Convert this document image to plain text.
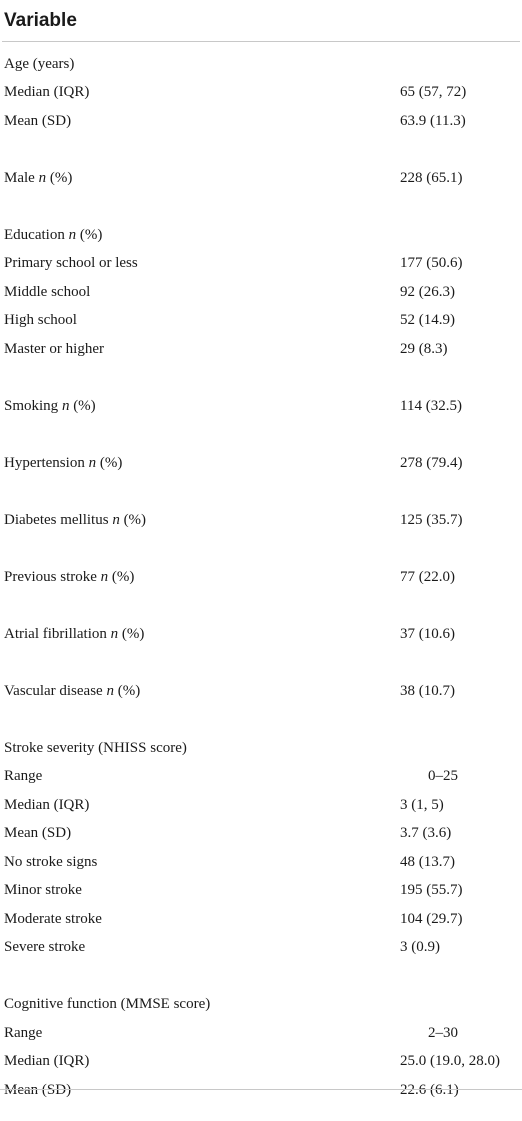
Variable
Age (years)
Median (IQR)	65 (57, 72)
Mean (SD)	63.9 (11.3)
Male n (%)	228 (65.1)
Education n (%)
Primary school or less	177 (50.6)
Middle school	92 (26.3)
High school	52 (14.9)
Master or higher	29 (8.3)
Smoking n (%)	114 (32.5)
Hypertension n (%)	278 (79.4)
Diabetes mellitus n (%)	125 (35.7)
Previous stroke n (%)	77 (22.0)
Atrial fibrillation n (%)	37 (10.6)
Vascular disease n (%)	38 (10.7)
Stroke severity (NHISS score)
Range	0–25
Median (IQR)	3 (1, 5)
Mean (SD)	3.7 (3.6)
No stroke signs	48 (13.7)
Minor stroke	195 (55.7)
Moderate stroke	104 (29.7)
Severe stroke	3 (0.9)
Cognitive function (MMSE score)
Range	2–30
Median (IQR)	25.0 (19.0, 28.0)
Mean (SD)	22.6 (6.1)
